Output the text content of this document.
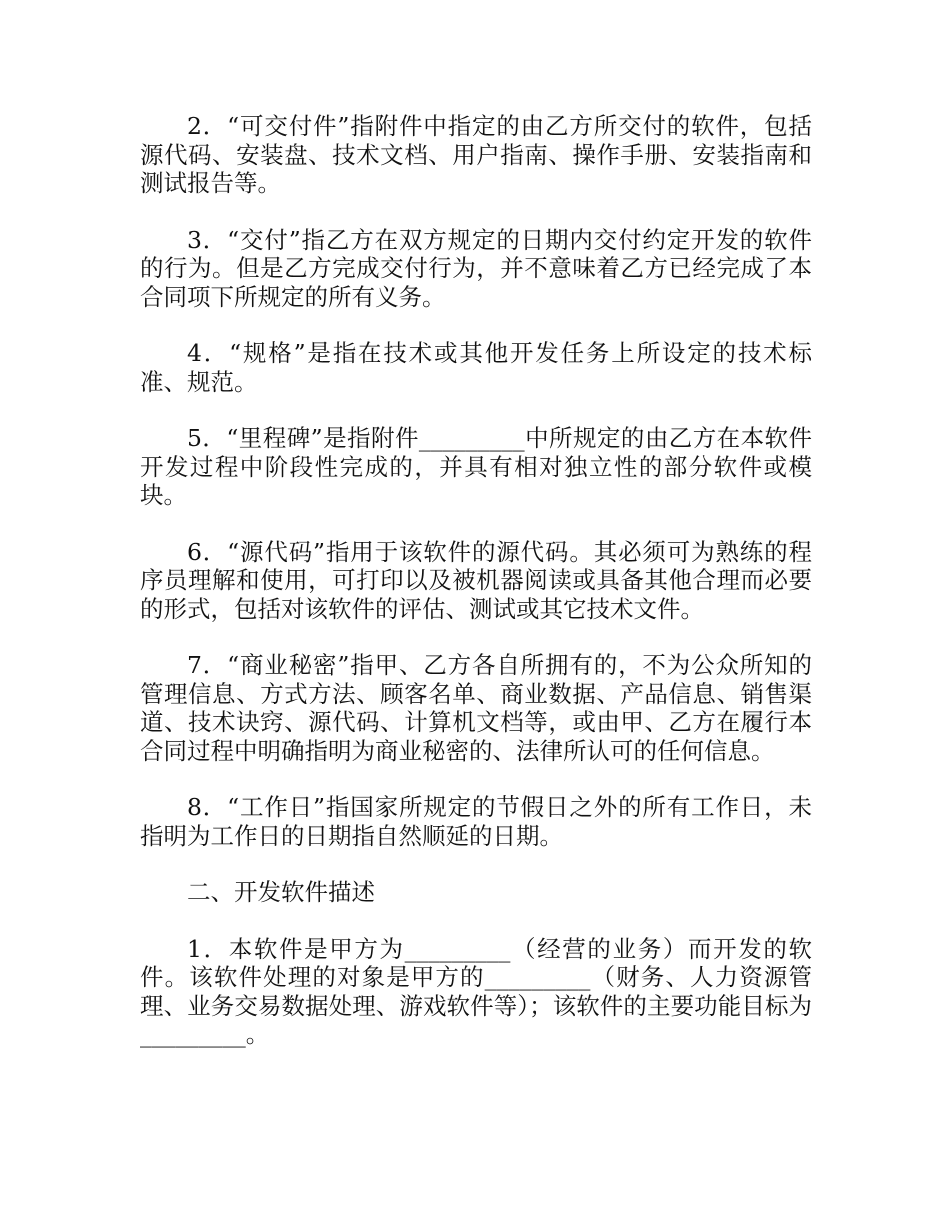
2．“可交付件”指附件中指定的由乙方所交付的软件，包括源代码、安装盘、技术文档、用户指南、操作手册、安装指南和测试报告等。

3．“交付”指乙方在双方规定的日期内交付约定开发的软件的行为。但是乙方完成交付行为，并不意味着乙方已经完成了本合同项下所规定的所有义务。

4．“规格”是指在技术或其他开发任务上所设定的技术标准、规范。

5．“里程碑”是指附件_________中所规定的由乙方在本软件开发过程中阶段性完成的，并具有相对独立性的部分软件或模块。

6．“源代码”指用于该软件的源代码。其必须可为熟练的程序员理解和使用，可打印以及被机器阅读或具备其他合理而必要的形式，包括对该软件的评估、测试或其它技术文件。

7．“商业秘密”指甲、乙方各自所拥有的，不为公众所知的管理信息、方式方法、顾客名单、商业数据、产品信息、销售渠道、技术诀窍、源代码、计算机文档等，或由甲、乙方在履行本合同过程中明确指明为商业秘密的、法律所认可的任何信息。

8．“工作日”指国家所规定的节假日之外的所有工作日，未指明为工作日的日期指自然顺延的日期。

二、开发软件描述

1．本软件是甲方为_________（经营的业务）而开发的软件。该软件处理的对象是甲方的_________（财务、人力资源管理、业务交易数据处理、游戏软件等）；该软件的主要功能目标为_________。
